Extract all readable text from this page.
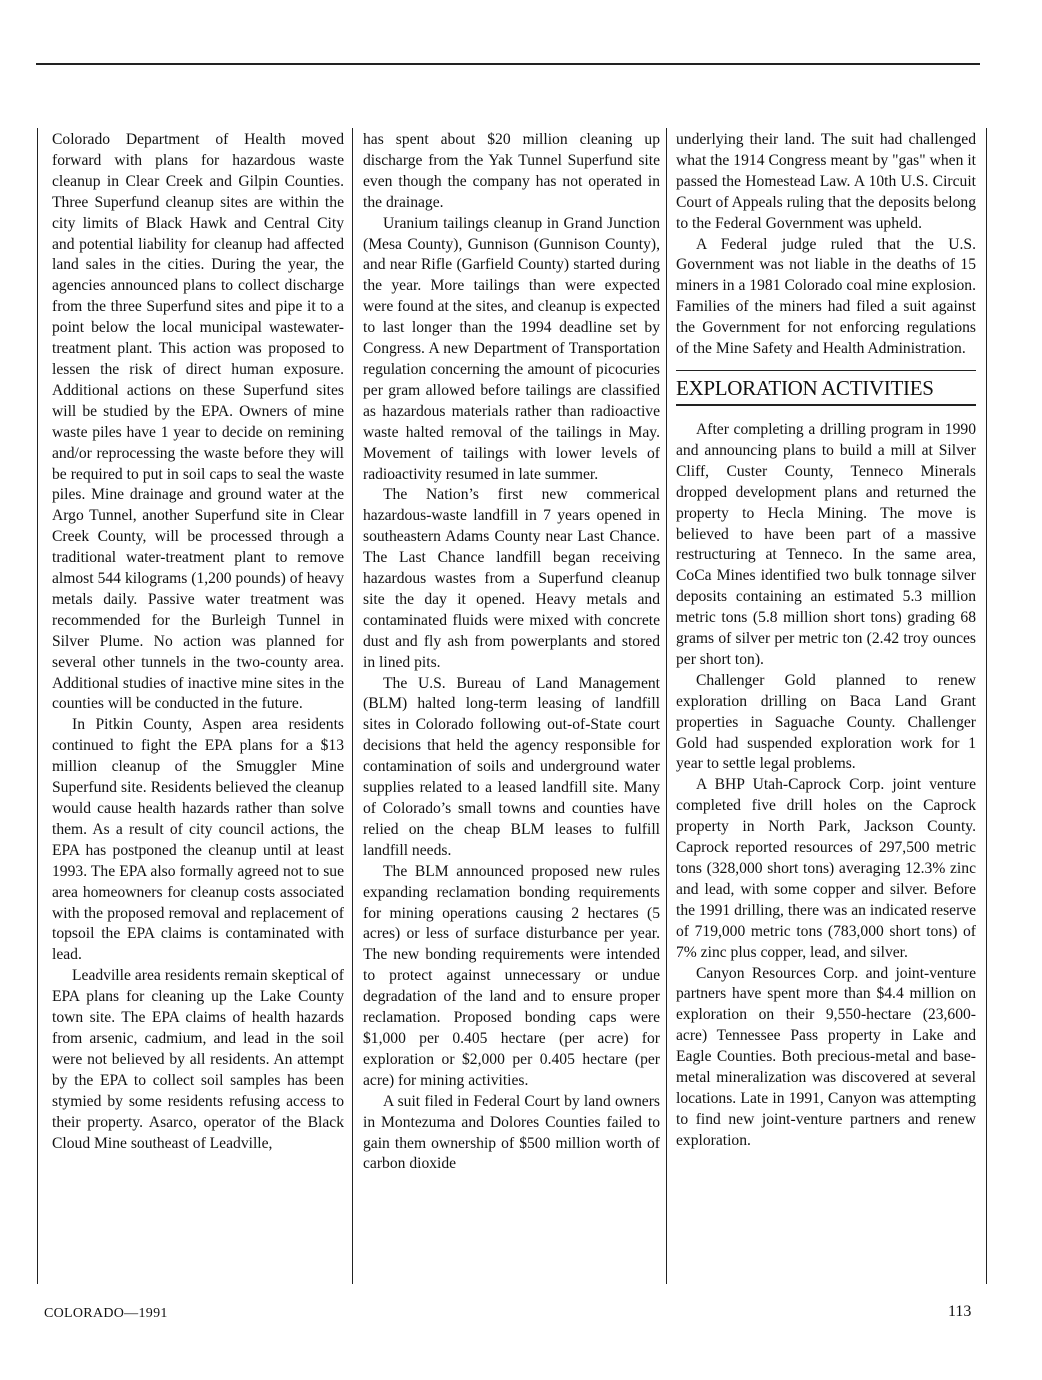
Colorado Department of Health moved forward with plans for hazardous waste cleanup in Clear Creek and Gilpin Counties. Three Superfund cleanup sites are within the city limits of Black Hawk and Central City and potential liability for cleanup had affected land sales in the cities. During the year, the agencies announced plans to collect discharge from the three Superfund sites and pipe it to a point below the local municipal wastewater-treatment plant. This action was proposed to lessen the risk of direct human exposure. Additional actions on these Superfund sites will be studied by the EPA. Owners of mine waste piles have 1 year to decide on remining and/or reprocessing the waste before they will be required to put in soil caps to seal the waste piles. Mine drainage and ground water at the Argo Tunnel, another Superfund site in Clear Creek County, will be processed through a traditional water-treatment plant to remove almost 544 kilograms (1,200 pounds) of heavy metals daily. Passive water treatment was recommended for the Burleigh Tunnel in Silver Plume. No action was planned for several other tunnels in the two-county area. Additional studies of inactive mine sites in the counties will be conducted in the future.

In Pitkin County, Aspen area residents continued to fight the EPA plans for a $13 million cleanup of the Smuggler Mine Superfund site. Residents believed the cleanup would cause health hazards rather than solve them. As a result of city council actions, the EPA has postponed the cleanup until at least 1993. The EPA also formally agreed not to sue area homeowners for cleanup costs associated with the proposed removal and replacement of topsoil the EPA claims is contaminated with lead.

Leadville area residents remain skeptical of EPA plans for cleaning up the Lake County town site. The EPA claims of health hazards from arsenic, cadmium, and lead in the soil were not believed by all residents. An attempt by the EPA to collect soil samples has been stymied by some residents refusing access to their property. Asarco, operator of the Black Cloud Mine southeast of Leadville,

has spent about $20 million cleaning up discharge from the Yak Tunnel Superfund site even though the company has not operated in the drainage.

Uranium tailings cleanup in Grand Junction (Mesa County), Gunnison (Gunnison County), and near Rifle (Garfield County) started during the year. More tailings than were expected were found at the sites, and cleanup is expected to last longer than the 1994 deadline set by Congress. A new Department of Transportation regulation concerning the amount of picocuries per gram allowed before tailings are classified as hazardous materials rather than radioactive waste halted removal of the tailings in May. Movement of tailings with lower levels of radioactivity resumed in late summer.

The Nation’s first new commerical hazardous-waste landfill in 7 years opened in southeastern Adams County near Last Chance. The Last Chance landfill began receiving hazardous wastes from a Superfund cleanup site the day it opened. Heavy metals and contaminated fluids were mixed with concrete dust and fly ash from powerplants and stored in lined pits.

The U.S. Bureau of Land Management (BLM) halted long-term leasing of landfill sites in Colorado following out-of-State court decisions that held the agency responsible for contamination of soils and underground water supplies related to a leased landfill site. Many of Colorado’s small towns and counties have relied on the cheap BLM leases to fulfill landfill needs.

The BLM announced proposed new rules expanding reclamation bonding requirements for mining operations causing 2 hectares (5 acres) or less of surface disturbance per year. The new bonding requirements were intended to protect against unnecessary or undue degradation of the land and to ensure proper reclamation. Proposed bonding caps were $1,000 per 0.405 hectare (per acre) for exploration or $2,000 per 0.405 hectare (per acre) for mining activities.

A suit filed in Federal Court by land owners in Montezuma and Dolores Counties failed to gain them ownership of $500 million worth of carbon dioxide

underlying their land. The suit had challenged what the 1914 Congress meant by "gas" when it passed the Homestead Law. A 10th U.S. Circuit Court of Appeals ruling that the deposits belong to the Federal Government was upheld.

A Federal judge ruled that the U.S. Government was not liable in the deaths of 15 miners in a 1981 Colorado coal mine explosion. Families of the miners had filed a suit against the Government for not enforcing regulations of the Mine Safety and Health Administration.

EXPLORATION ACTIVITIES

After completing a drilling program in 1990 and announcing plans to build a mill at Silver Cliff, Custer County, Tenneco Minerals dropped development plans and returned the property to Hecla Mining. The move is believed to have been part of a massive restructuring at Tenneco. In the same area, CoCa Mines identified two bulk tonnage silver deposits containing an estimated 5.3 million metric tons (5.8 million short tons) grading 68 grams of silver per metric ton (2.42 troy ounces per short ton).

Challenger Gold planned to renew exploration drilling on Baca Land Grant properties in Saguache County. Challenger Gold had suspended exploration work for 1 year to settle legal problems.

A BHP Utah-Caprock Corp. joint venture completed five drill holes on the Caprock property in North Park, Jackson County. Caprock reported resources of 297,500 metric tons (328,000 short tons) averaging 12.3% zinc and lead, with some copper and silver. Before the 1991 drilling, there was an indicated reserve of 719,000 metric tons (783,000 short tons) of 7% zinc plus copper, lead, and silver.

Canyon Resources Corp. and joint-venture partners have spent more than $4.4 million on exploration on their 9,550-hectare (23,600-acre) Tennessee Pass property in Lake and Eagle Counties. Both precious-metal and base-metal mineralization was discovered at several locations. Late in 1991, Canyon was attempting to find new joint-venture partners and renew exploration.

COLORADO—1991	113
